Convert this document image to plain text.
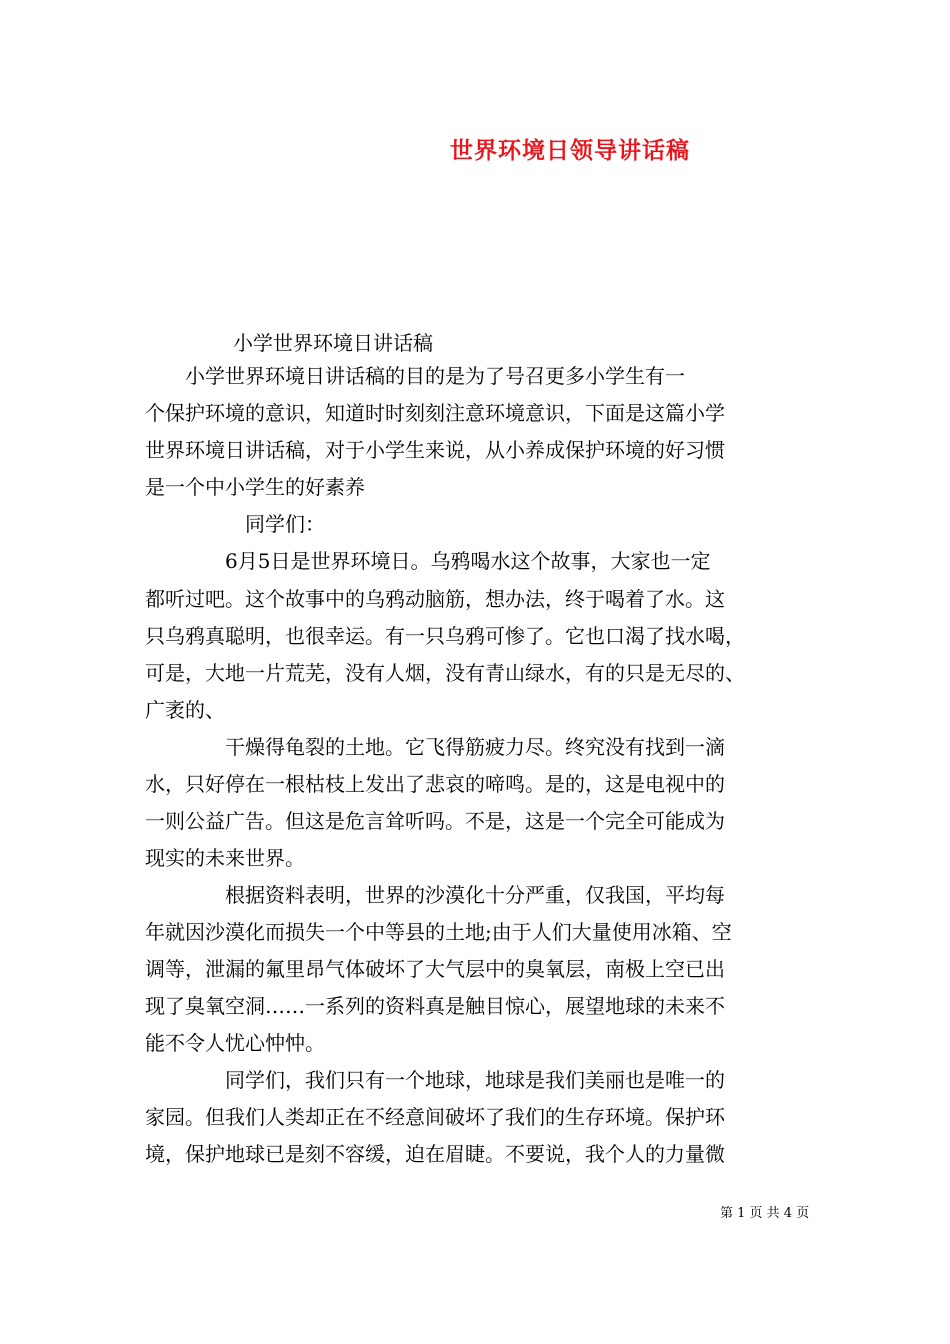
世界环境日领导讲话稿
小学世界环境日讲话稿
　　小学世界环境日讲话稿的目的是为了号召更多小学生有一
个保护环境的意识，知道时时刻刻注意环境意识，下面是这篇小学
世界环境日讲话稿，对于小学生来说，从小养成保护环境的好习惯
是一个中小学生的好素养
　　　　　同学们：
　　　　6月5日是世界环境日。乌鸦喝水这个故事，大家也一定
都听过吧。这个故事中的乌鸦动脑筋，想办法，终于喝着了水。这
只乌鸦真聪明，也很幸运。有一只乌鸦可惨了。它也口渴了找水喝，
可是，大地一片荒芜，没有人烟，没有青山绿水，有的只是无尽的、
广袤的、
　　　　干燥得龟裂的土地。它飞得筋疲力尽。终究没有找到一滴
水，只好停在一根枯枝上发出了悲哀的啼鸣。是的，这是电视中的
一则公益广告。但这是危言耸听吗。不是，这是一个完全可能成为
现实的未来世界。
　　　　根据资料表明，世界的沙漠化十分严重，仅我国，平均每
年就因沙漠化而损失一个中等县的土地;由于人们大量使用冰箱、空
调等，泄漏的氟里昂气体破坏了大气层中的臭氧层，南极上空已出
现了臭氧空洞……一系列的资料真是触目惊心，展望地球的未来不
能不令人忧心忡忡。
　　　　同学们，我们只有一个地球，地球是我们美丽也是唯一的
家园。但我们人类却正在不经意间破坏了我们的生存环境。保护环
境，保护地球已是刻不容缓，迫在眉睫。不要说，我个人的力量微
第 1 页 共 4 页
